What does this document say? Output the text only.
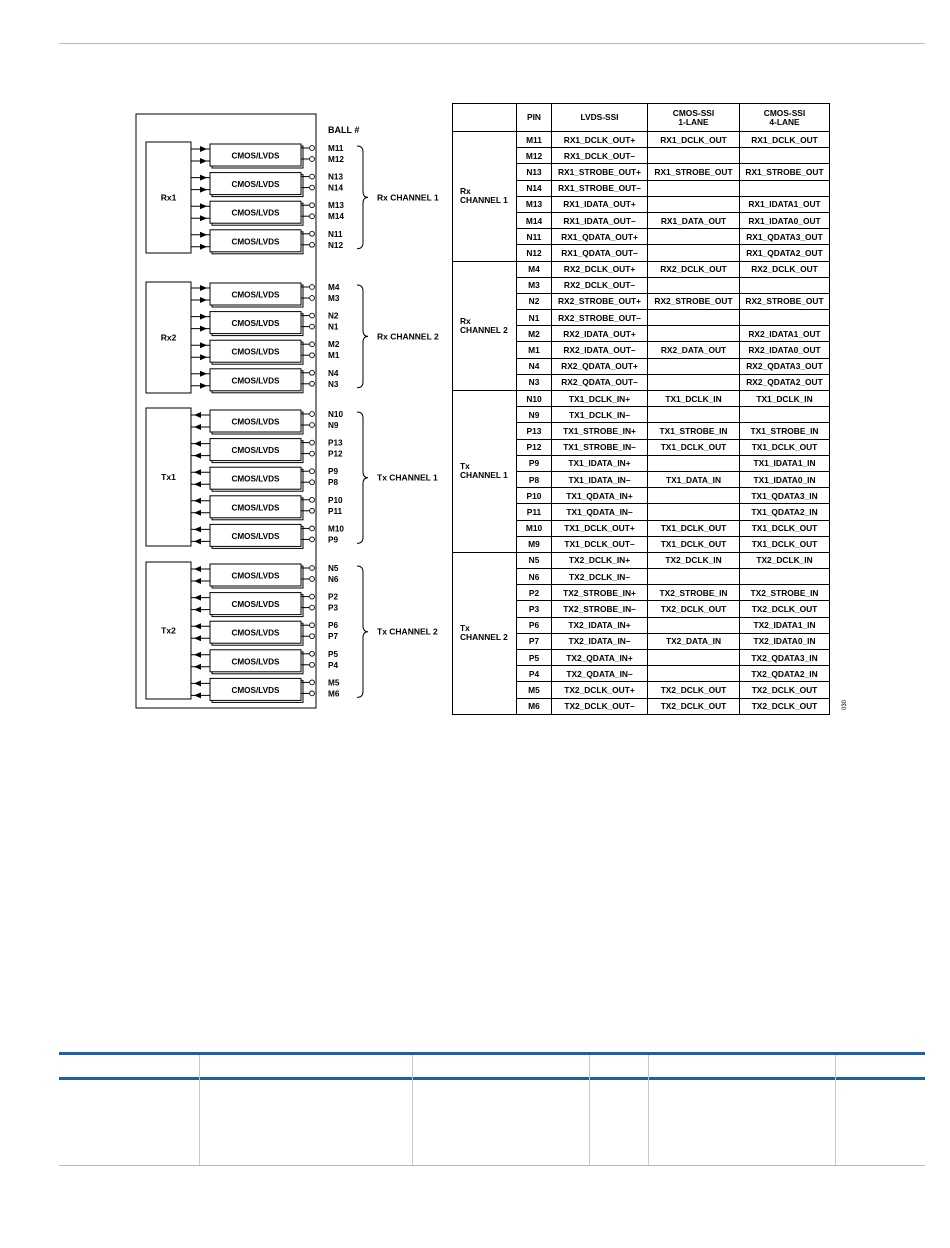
BALL #
Rx1
CMOS/LVDS
M11
M12
CMOS/LVDS
N13
N14
CMOS/LVDS
M13
M14
CMOS/LVDS
N11
N12
Rx CHANNEL 1
Rx2
CMOS/LVDS
M4
M3
CMOS/LVDS
N2
N1
CMOS/LVDS
M2
M1
CMOS/LVDS
N4
N3
Rx CHANNEL 2
Tx1
CMOS/LVDS
N10
N9
CMOS/LVDS
P13
P12
CMOS/LVDS
P9
P8
CMOS/LVDS
P10
P11
CMOS/LVDS
M10
P9
Tx CHANNEL 1
Tx2
CMOS/LVDS
N5
N6
CMOS/LVDS
P2
P3
CMOS/LVDS
P6
P7
CMOS/LVDS
P5
P4
CMOS/LVDS
M5
M6
Tx CHANNEL 2
	PIN	LVDS-SSI	CMOS-SSI
1-LANE	CMOS-SSI
4-LANE
Rx
CHANNEL 1	M11	RX1_DCLK_OUT+	RX1_DCLK_OUT	RX1_DCLK_OUT
	M12	RX1_DCLK_OUT–		
	N13	RX1_STROBE_OUT+	RX1_STROBE_OUT	RX1_STROBE_OUT
	N14	RX1_STROBE_OUT–		
	M13	RX1_IDATA_OUT+		RX1_IDATA1_OUT
	M14	RX1_IDATA_OUT–	RX1_DATA_OUT	RX1_IDATA0_OUT
	N11	RX1_QDATA_OUT+		RX1_QDATA3_OUT
	N12	RX1_QDATA_OUT–		RX1_QDATA2_OUT
Rx
CHANNEL 2	M4	RX2_DCLK_OUT+	RX2_DCLK_OUT	RX2_DCLK_OUT
	M3	RX2_DCLK_OUT–		
	N2	RX2_STROBE_OUT+	RX2_STROBE_OUT	RX2_STROBE_OUT
	N1	RX2_STROBE_OUT–		
	M2	RX2_IDATA_OUT+		RX2_IDATA1_OUT
	M1	RX2_IDATA_OUT–	RX2_DATA_OUT	RX2_IDATA0_OUT
	N4	RX2_QDATA_OUT+		RX2_QDATA3_OUT
	N3	RX2_QDATA_OUT–		RX2_QDATA2_OUT
Tx
CHANNEL 1	N10	TX1_DCLK_IN+	TX1_DCLK_IN	TX1_DCLK_IN
	N9	TX1_DCLK_IN–		
	P13	TX1_STROBE_IN+	TX1_STROBE_IN	TX1_STROBE_IN
	P12	TX1_STROBE_IN–	TX1_DCLK_OUT	TX1_DCLK_OUT
	P9	TX1_IDATA_IN+		TX1_IDATA1_IN
	P8	TX1_IDATA_IN–	TX1_DATA_IN	TX1_IDATA0_IN
	P10	TX1_QDATA_IN+		TX1_QDATA3_IN
	P11	TX1_QDATA_IN–		TX1_QDATA2_IN
	M10	TX1_DCLK_OUT+	TX1_DCLK_OUT	TX1_DCLK_OUT
	M9	TX1_DCLK_OUT–	TX1_DCLK_OUT	TX1_DCLK_OUT
Tx
CHANNEL 2	N5	TX2_DCLK_IN+	TX2_DCLK_IN	TX2_DCLK_IN
	N6	TX2_DCLK_IN–		
	P2	TX2_STROBE_IN+	TX2_STROBE_IN	TX2_STROBE_IN
	P3	TX2_STROBE_IN–	TX2_DCLK_OUT	TX2_DCLK_OUT
	P6	TX2_IDATA_IN+		TX2_IDATA1_IN
	P7	TX2_IDATA_IN–	TX2_DATA_IN	TX2_IDATA0_IN
	P5	TX2_QDATA_IN+		TX2_QDATA3_IN
	P4	TX2_QDATA_IN–		TX2_QDATA2_IN
	M5	TX2_DCLK_OUT+	TX2_DCLK_OUT	TX2_DCLK_OUT
	M6	TX2_DCLK_OUT–	TX2_DCLK_OUT	TX2_DCLK_OUT	030
